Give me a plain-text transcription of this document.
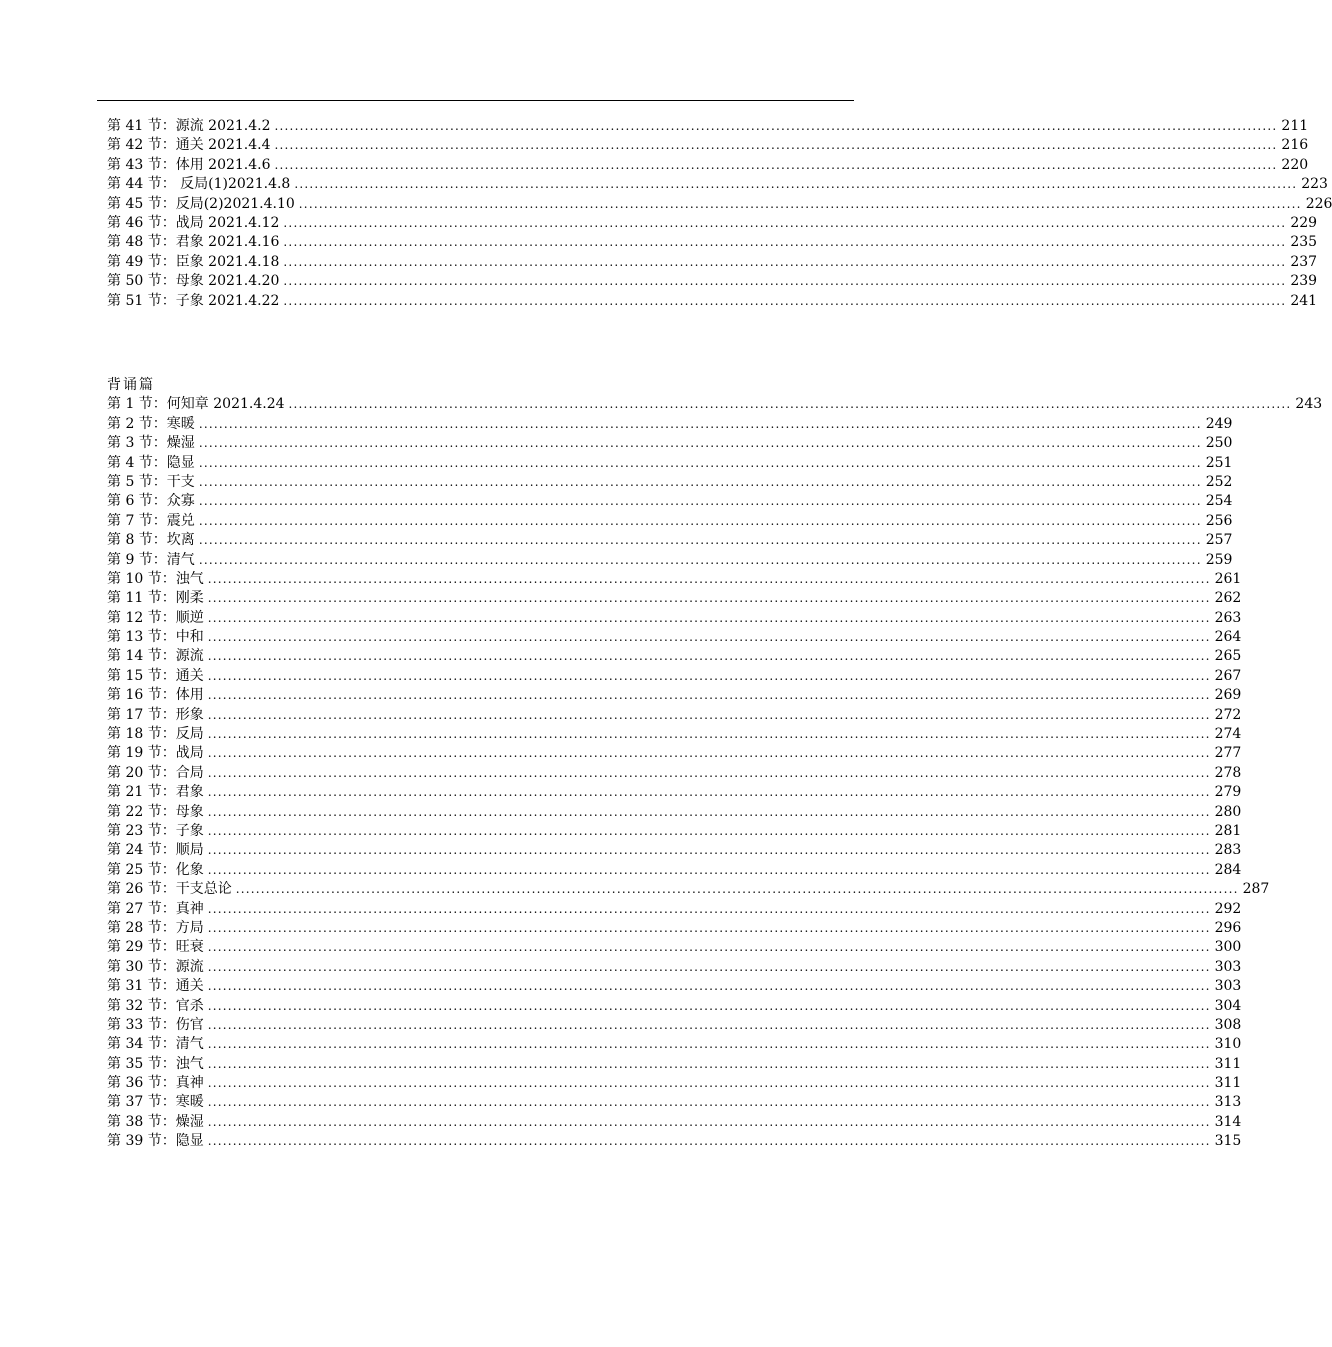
第 41 节：源流 2021.4.2 ........................................................................................................................................................................................................ 211
第 42 节：通关 2021.4.4 ........................................................................................................................................................................................................ 216
第 43 节：体用 2021.4.6 ........................................................................................................................................................................................................ 220
第 44 节： 反局(1)2021.4.8 ........................................................................................................................................................................................................ 223
第 45 节：反局(2)2021.4.10 ........................................................................................................................................................................................................ 226
第 46 节：战局 2021.4.12 ........................................................................................................................................................................................................ 229
第 48 节：君象 2021.4.16 ........................................................................................................................................................................................................ 235
第 49 节：臣象 2021.4.18 ........................................................................................................................................................................................................ 237
第 50 节：母象 2021.4.20 ........................................................................................................................................................................................................ 239
第 51 节：子象 2021.4.22 ........................................................................................................................................................................................................ 241
背诵篇
第 1 节：何知章 2021.4.24 ........................................................................................................................................................................................................ 243
第 2 节：寒暖 ........................................................................................................................................................................................................ 249
第 3 节：燥湿 ........................................................................................................................................................................................................ 250
第 4 节：隐显 ........................................................................................................................................................................................................ 251
第 5 节：干支 ........................................................................................................................................................................................................ 252
第 6 节：众寡 ........................................................................................................................................................................................................ 254
第 7 节：震兑 ........................................................................................................................................................................................................ 256
第 8 节：坎离 ........................................................................................................................................................................................................ 257
第 9 节：清气 ........................................................................................................................................................................................................ 259
第 10 节：浊气 ........................................................................................................................................................................................................ 261
第 11 节：刚柔 ........................................................................................................................................................................................................ 262
第 12 节：顺逆 ........................................................................................................................................................................................................ 263
第 13 节：中和 ........................................................................................................................................................................................................ 264
第 14 节：源流 ........................................................................................................................................................................................................ 265
第 15 节：通关 ........................................................................................................................................................................................................ 267
第 16 节：体用 ........................................................................................................................................................................................................ 269
第 17 节：形象 ........................................................................................................................................................................................................ 272
第 18 节：反局 ........................................................................................................................................................................................................ 274
第 19 节：战局 ........................................................................................................................................................................................................ 277
第 20 节：合局 ........................................................................................................................................................................................................ 278
第 21 节：君象 ........................................................................................................................................................................................................ 279
第 22 节：母象 ........................................................................................................................................................................................................ 280
第 23 节：子象 ........................................................................................................................................................................................................ 281
第 24 节：顺局 ........................................................................................................................................................................................................ 283
第 25 节：化象 ........................................................................................................................................................................................................ 284
第 26 节：干支总论 ........................................................................................................................................................................................................ 287
第 27 节：真神 ........................................................................................................................................................................................................ 292
第 28 节：方局 ........................................................................................................................................................................................................ 296
第 29 节：旺衰 ........................................................................................................................................................................................................ 300
第 30 节：源流 ........................................................................................................................................................................................................ 303
第 31 节：通关 ........................................................................................................................................................................................................ 303
第 32 节：官杀 ........................................................................................................................................................................................................ 304
第 33 节：伤官 ........................................................................................................................................................................................................ 308
第 34 节：清气 ........................................................................................................................................................................................................ 310
第 35 节：浊气 ........................................................................................................................................................................................................ 311
第 36 节：真神 ........................................................................................................................................................................................................ 311
第 37 节：寒暖 ........................................................................................................................................................................................................ 313
第 38 节：燥湿 ........................................................................................................................................................................................................ 314
第 39 节：隐显 ........................................................................................................................................................................................................ 315
